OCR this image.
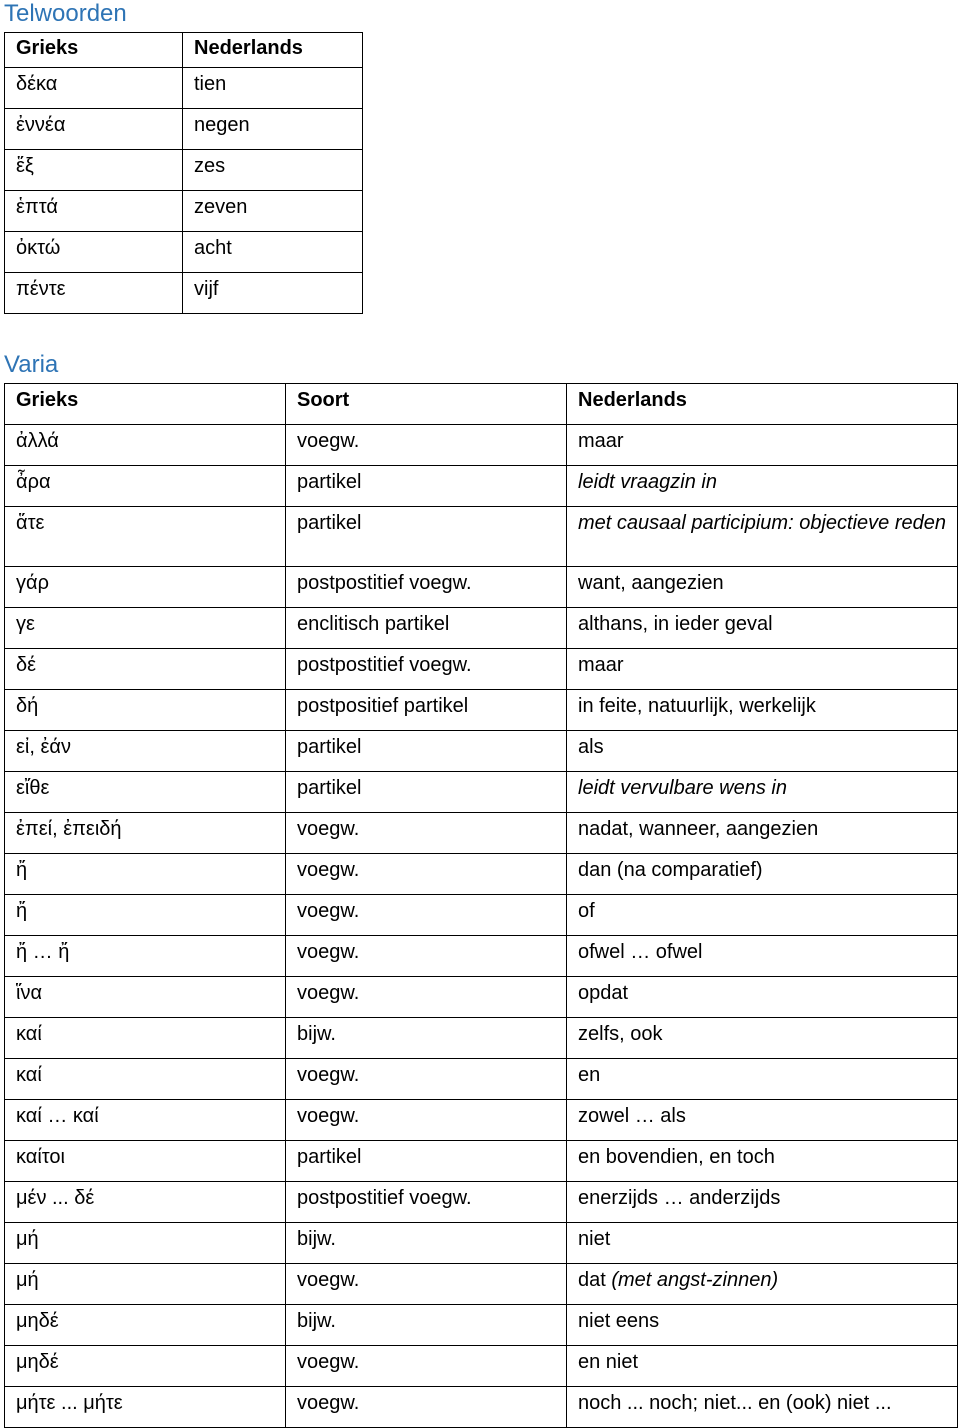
Telwoorden
Grieks	Nederlands
δέκα	tien
ἐννέα	negen
ἕξ	zes
ἑπτά	zeven
ὀκτώ	acht
πέντε	vijf
Varia
Grieks	Soort	Nederlands
ἀλλά	voegw.	maar
ἆρα	partikel	leidt vraagzin in
ἅτε	partikel	met causaal participium: objectieve reden
γάρ	postpostitief voegw.	want, aangezien
γε	enclitisch partikel	althans, in ieder geval
δέ	postpostitief voegw.	maar
δή	postpositief partikel	in feite, natuurlijk, werkelijk
εἰ, ἐάν	partikel	als
εἴθε	partikel	leidt vervulbare wens in
ἐπεί, ἐπειδή	voegw.	nadat, wanneer, aangezien
ἤ	voegw.	dan (na comparatief)
ἤ	voegw.	of
ἤ … ἤ	voegw.	ofwel … ofwel
ἵνα	voegw.	opdat
καί	bijw.	zelfs, ook
καί	voegw.	en
καί … καί	voegw.	zowel … als
καίτοι	partikel	en bovendien, en toch
μέν ... δέ	postpostitief voegw.	enerzijds … anderzijds
μή	bijw.	niet
μή	voegw.	dat (met angst-zinnen)
μηδέ	bijw.	niet eens
μηδέ	voegw.	en niet
μήτε ... μήτε	voegw.	noch ... noch; niet... en (ook) niet ...
